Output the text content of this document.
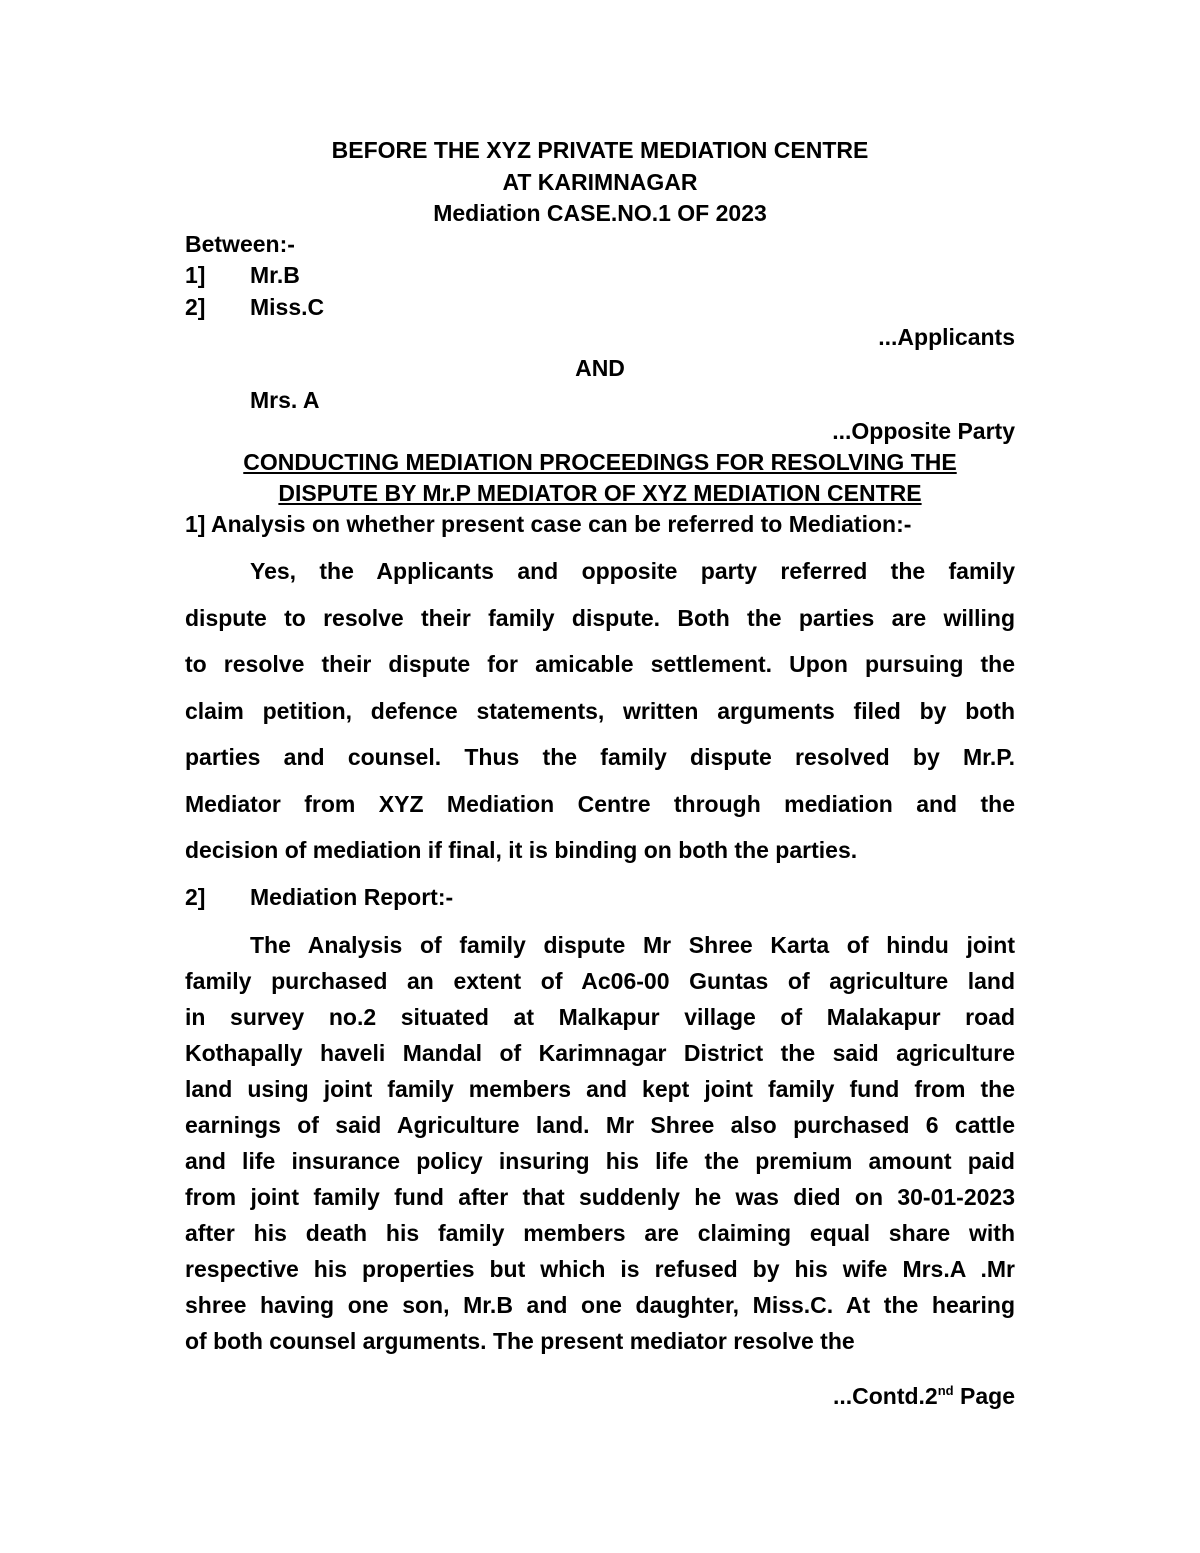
BEFORE THE XYZ PRIVATE MEDIATION CENTRE
AT KARIMNAGAR
Mediation CASE.NO.1 OF 2023
Between:-
1] Mr.B
2] Miss.C
...Applicants
AND
Mrs. A
...Opposite Party
CONDUCTING MEDIATION PROCEEDINGS FOR RESOLVING THE
DISPUTE BY Mr.P MEDIATOR OF XYZ MEDIATION CENTRE
1] Analysis on whether present case can be referred to Mediation:-
Yes, the Applicants and opposite party referred the family
dispute to resolve their family dispute. Both the parties are willing
to resolve their dispute for amicable settlement. Upon pursuing the
claim petition, defence statements, written arguments filed by both
parties and counsel. Thus the family dispute resolved by Mr.P.
Mediator from XYZ Mediation Centre through mediation and the
decision of mediation if final, it is binding on both the parties.
2] Mediation Report:-
The Analysis of family dispute Mr Shree Karta of hindu joint
family purchased an extent of Ac06-00 Guntas of agriculture land
in survey no.2 situated at Malkapur village of Malakapur road
Kothapally haveli Mandal of Karimnagar District the said agriculture
land using joint family members and kept joint family fund from the
earnings of said Agriculture land. Mr Shree also purchased 6 cattle
and life insurance policy insuring his life the premium amount paid
from joint family fund after that suddenly he was died on 30-01-2023
after his death his family members are claiming equal share with
respective his properties but which is refused by his wife Mrs.A .Mr
shree having one son, Mr.B and one daughter, Miss.C. At the hearing
of both counsel arguments. The present mediator resolve the
...Contd.2nd Page
